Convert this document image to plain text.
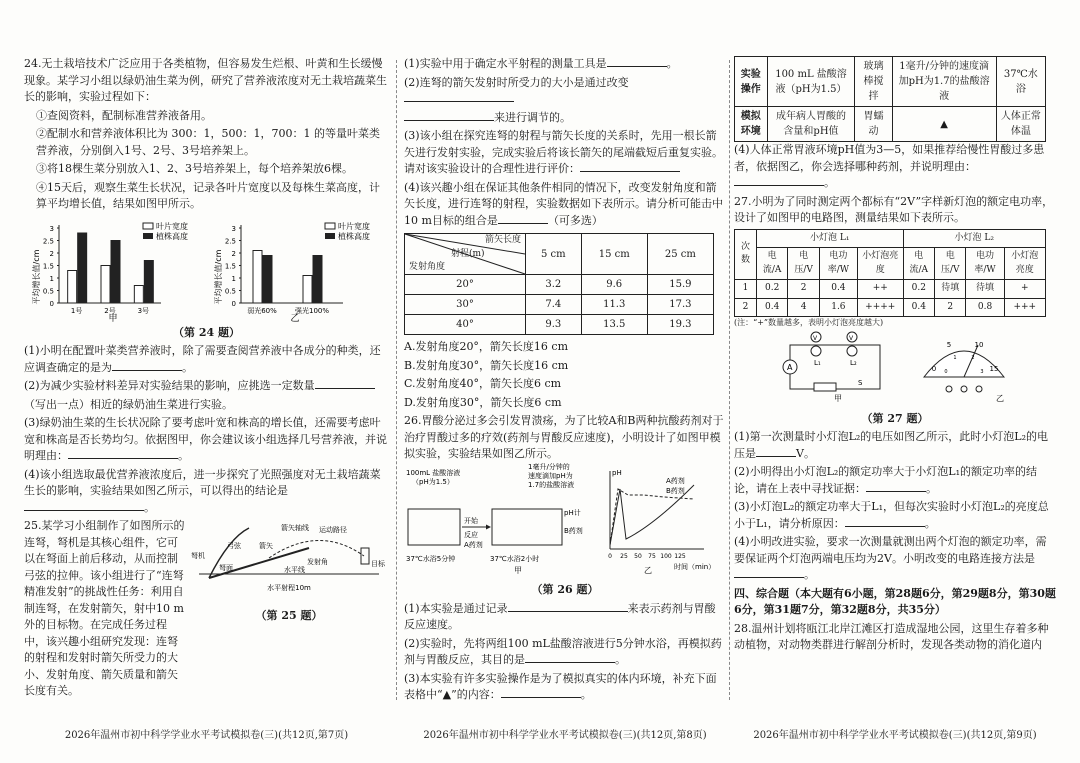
24.无土栽培技术广泛应用于各类植物，但容易发生烂根、叶黄和生长缓慢现象。某学习小组以绿奶油生菜为例，研究了营养液浓度对无土栽培蔬菜生长的影响，实验过程如下：

①查阅资料，配制标准营养液备用。

②配制水和营养液体积比为 300：1，500：1，700：1 的等量叶菜类营养液，分别倒入1号、2号、3号培养架上。

③将18棵生菜分别放入1、2、3号培养架上，每个培养架放6棵。

④15天后，观察生菜生长状况，记录各叶片宽度以及每株生菜高度，计算平均增长值，结果如图甲所示。

平均增长值/cm 0
0.5
1
1.5
2
2.5
3
1号	2号	3号
叶片宽度
植株高度
甲
平均增长值/cm 0
0.5
1
1.5
2
2.5
3
弱光60%	强光100%
叶片宽度
植株高度
乙
（第 24 题）

(1)小明在配置叶菜类营养液时，除了需要查阅营养液中各成分的种类，还应调查确定的是为	。

(2)为减少实验材料差异对实验结果的影响，应挑选一定数量

（写出一点）相近的绿奶油生菜进行实验。

(3)绿奶油生菜的生长状况除了要考虑叶宽和株高的增长值，还需要考虑叶宽和株高是否长势均匀。依据图甲，你会建议该小组选择几号营养液，并说明理由：	。

(4)该小组选取最优营养液浓度后，进一步探究了光照强度对无土栽培蔬菜生长的影响，实验结果如图乙所示，可以得出的结论是。

25.某学习小组制作了如图所示的连弩，弩机是其核心组件，它可以在弩面上前后移动，从而控制弓弦的拉伸。该小组进行了“连弩精准发射”的挑战性任务：利用自制连弩，在发射箭矢，射中10 m外的目标物。在完成任务过程中，该兴趣小组研究发现：连弩的射程和发射时箭矢所受力的大小、发射角度、箭矢质量和箭矢长度有关。

箭矢轴线
箭矢
运动路径
发射角	目标
弩机
弓弦
弩面	水平线
水平射程10m
（第 25 题）

(1)实验中用于确定水平射程的测量工具是	。

(2)连弩的箭矢发射时所受力的大小是通过改变

来进行调节的。

(3)该小组在探究连弩的射程与箭矢长度的关系时，先用一根长箭矢进行发射实验，完成实验后将该长箭矢的尾端截短后重复实验。请对该实验设计的合理性进行评价：

(4)该兴趣小组在保证其他条件相同的情况下，改变发射角度和箭矢长度，进行连弩的射程，实验数据如下表所示。请分析可能击中10 m目标的组合是	（可多选）

箭矢长度
射程(m)
发射角度	5 cm	15 cm	25 cm
20°	3.2	9.6	15.9
30°	7.4	11.3	17.3
40°	9.3	13.5	19.3

A.发射角度20°，箭矢长度16 cm

B.发射角度30°，箭矢长度16 cm

C.发射角度40°，箭矢长度6 cm

D.发射角度30°，箭矢长度6 cm

26.胃酸分泌过多会引发胃溃疡，为了比较A和B两种抗酸药剂对于治疗胃酸过多的疗效(药剂与胃酸反应速度)，小明设计了如图甲模拟实验，实验结果如图乙所示。

100mL 盐酸溶液
（pH为1.5）
开始
反应
A药剂
1毫升/分钟的
速度滴加pH为
1.7的盐酸溶液
pH计
B药剂
37℃水浴5分钟	37℃水浴2小时
甲
pH
A药剂
B药剂
0 25 50 75 100 125
时间（min）
乙
（第 26 题）

(1)本实验是通过记录	来表示药剂与胃酸反应速度。

(2)实验时，先将两组100 mL盐酸溶液进行5分钟水浴，再模拟药剂与胃酸反应，其目的是	。

(3)本实验有许多实验操作是为了模拟真实的体内环境，补充下面表格中“▲”的内容：	。

实验操作	100 mL 盐酸溶液（pH为1.5）	玻璃棒搅拌	1毫升/分钟的速度滴加pH为1.7的盐酸溶液	37℃水浴
模拟环境	成年病人胃酸的含量和pH值	胃蠕动	▲	人体正常体温

(4)人体正常胃液环境pH值为3—5，如果推荐给慢性胃酸过多患者，依据图乙，你会选择哪种药剂，并说明理由：。

27.小明为了同时测定两个都标有“2V”字样新灯泡的额定电功率，设计了如图甲的电路图，测量结果如下表所示。

次数	小灯泡 L₁				小灯泡 L₂			
	电流/A	电压/V	电功率/W	小灯泡亮度	电流/A	电压/V	电功率/W	小灯泡亮度
1	0.2	2	0.4	++	0.2	待填	待填	+
2	0.4	4	1.6	++++	0.4	2	0.8	+++

(注：“+”数量越多，表明小灯泡亮度越大)

A
V	V
L₁	L₂
S
甲
0
5	10
15
0
1	2
3
乙
（第 27 题）

(1)第一次测量时小灯泡L₂的电压如图乙所示，此时小灯泡L₂的电压是	V。

(2)小明得出小灯泡L₂的额定功率大于小灯泡L₁的额定功率的结论，请在上表中寻找证据：	。

(3)小灯泡L₂的额定功率大于L₁，但每次实验时小灯泡L₂的亮度总小于L₁，请分析原因：	。

(4)小明改进实验，要求一次测量就测出两个灯泡的额定功率，需要保证两个灯泡两端电压均为2V。小明改变的电路连接方法是。

四、综合题（本大题有6小题，第28题6分，第29题8分，第30题6分，第31题7分，第32题8分，共35分）

28.温州计划将瓯江北岸江滩区打造成湿地公园，这里生存着多种动植物，对动物类群进行解剖分析时，发现各类动物的消化道内

2026年温州市初中科学学业水平考试模拟卷(三)(共12页,第7页)	2026年温州市初中科学学业水平考试模拟卷(三)(共12页,第8页)	2026年温州市初中科学学业水平考试模拟卷(三)(共12页,第9页)
